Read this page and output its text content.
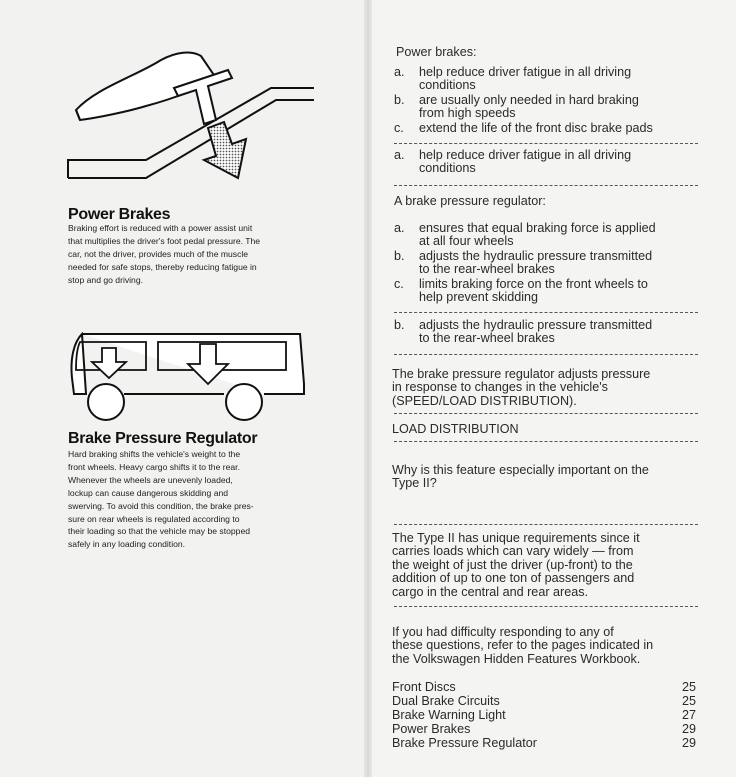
Power Brakes
Braking effort is reduced with a power assist unit
that multiplies the driver's foot pedal pressure. The
car, not the driver, provides much of the muscle
needed for safe stops, thereby reducing fatigue in
stop and go driving.
Brake Pressure Regulator
Hard braking shifts the vehicle's weight to the
front wheels. Heavy cargo shifts it to the rear.
Whenever the wheels are unevenly loaded,
lockup can cause dangerous skidding and
swerving. To avoid this condition, the brake pres-
sure on rear wheels is regulated according to
their loading so that the vehicle may be stopped
safely in any loading condition.
Power brakes:
a. help reduce driver fatigue in all driving
conditions
b. are usually only needed in hard braking
from high speeds
c. extend the life of the front disc brake pads
a. help reduce driver fatigue in all driving
conditions
A brake pressure regulator:
a. ensures that equal braking force is applied
at all four wheels
b. adjusts the hydraulic pressure transmitted
to the rear-wheel brakes
c. limits braking force on the front wheels to
help prevent skidding
b. adjusts the hydraulic pressure transmitted
to the rear-wheel brakes
The brake pressure regulator adjusts pressure
in response to changes in the vehicle's
(SPEED/LOAD DISTRIBUTION).
LOAD DISTRIBUTION
Why is this feature especially important on the
Type II?
The Type II has unique requirements since it
carries loads which can vary widely — from
the weight of just the driver (up-front) to the
addition of up to one ton of passengers and
cargo in the central and rear areas.
If you had difficulty responding to any of
these questions, refer to the pages indicated in
the Volkswagen Hidden Features Workbook.
Front Discs	25
Dual Brake Circuits	25
Brake Warning Light	27
Power Brakes	29
Brake Pressure Regulator	29
